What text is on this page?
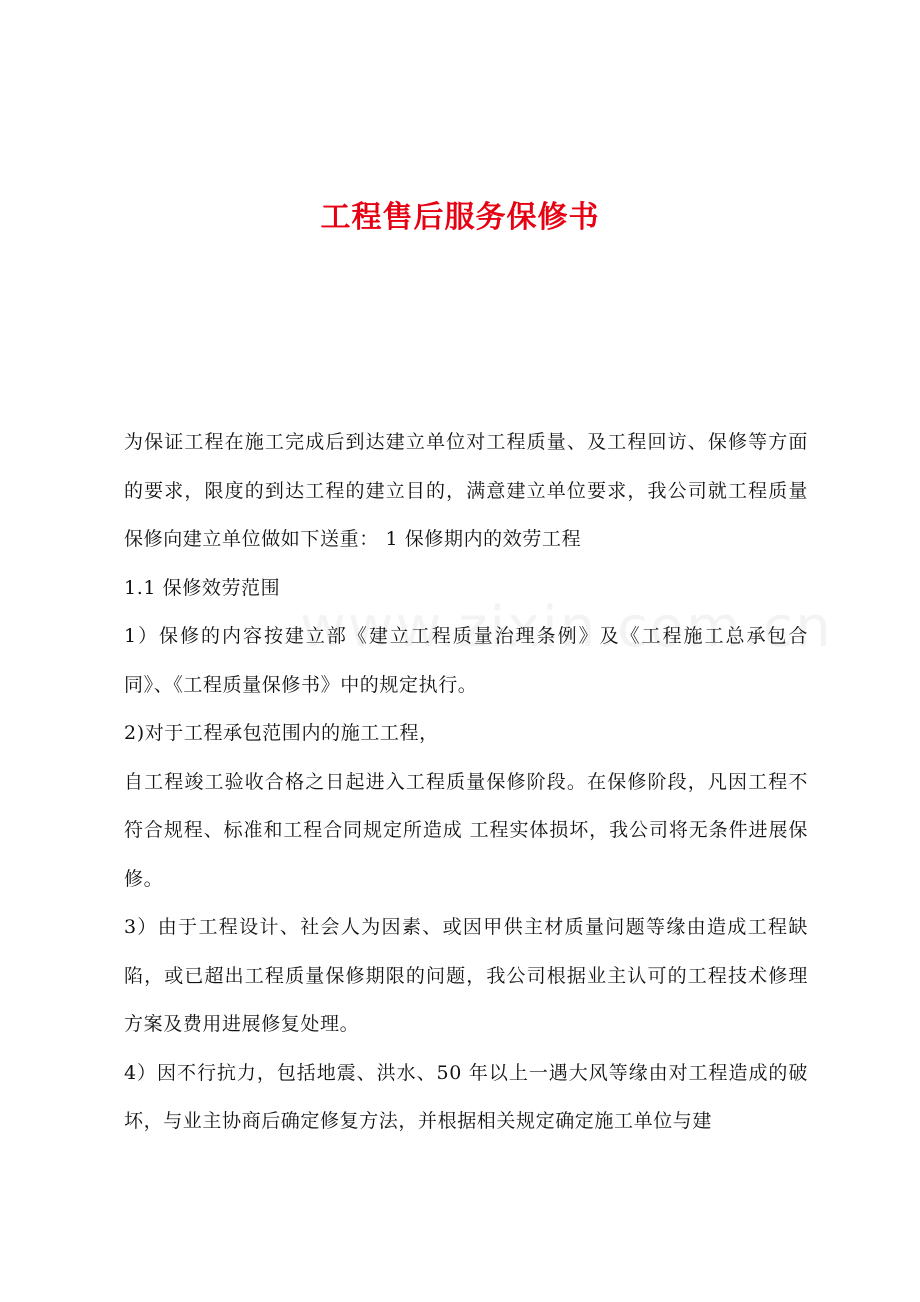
工程售后服务保修书

为保证工程在施工完成后到达建立单位对工程质量、及工程回访、保修等方面的要求，限度的到达工程的建立目的，满意建立单位要求，我公司就工程质量保修向建立单位做如下送重： 1 保修期内的效劳工程

1.1 保修效劳范围

1）保修的内容按建立部《建立工程质量治理条例》及《工程施工总承包合同》、《工程质量保修书》中的规定执行。

2)对于工程承包范围内的施工工程，

自工程竣工验收合格之日起进入工程质量保修阶段。在保修阶段，凡因工程不符合规程、标准和工程合同规定所造成 工程实体损坏，我公司将无条件进展保修。

3）由于工程设计、社会人为因素、或因甲供主材质量问题等缘由造成工程缺陷，或已超出工程质量保修期限的问题，我公司根据业主认可的工程技术修理方案及费用进展修复处理。

4）因不行抗力，包括地震、洪水、50 年以上一遇大风等缘由对工程造成的破坏，与业主协商后确定修复方法，并根据相关规定确定施工单位与建
